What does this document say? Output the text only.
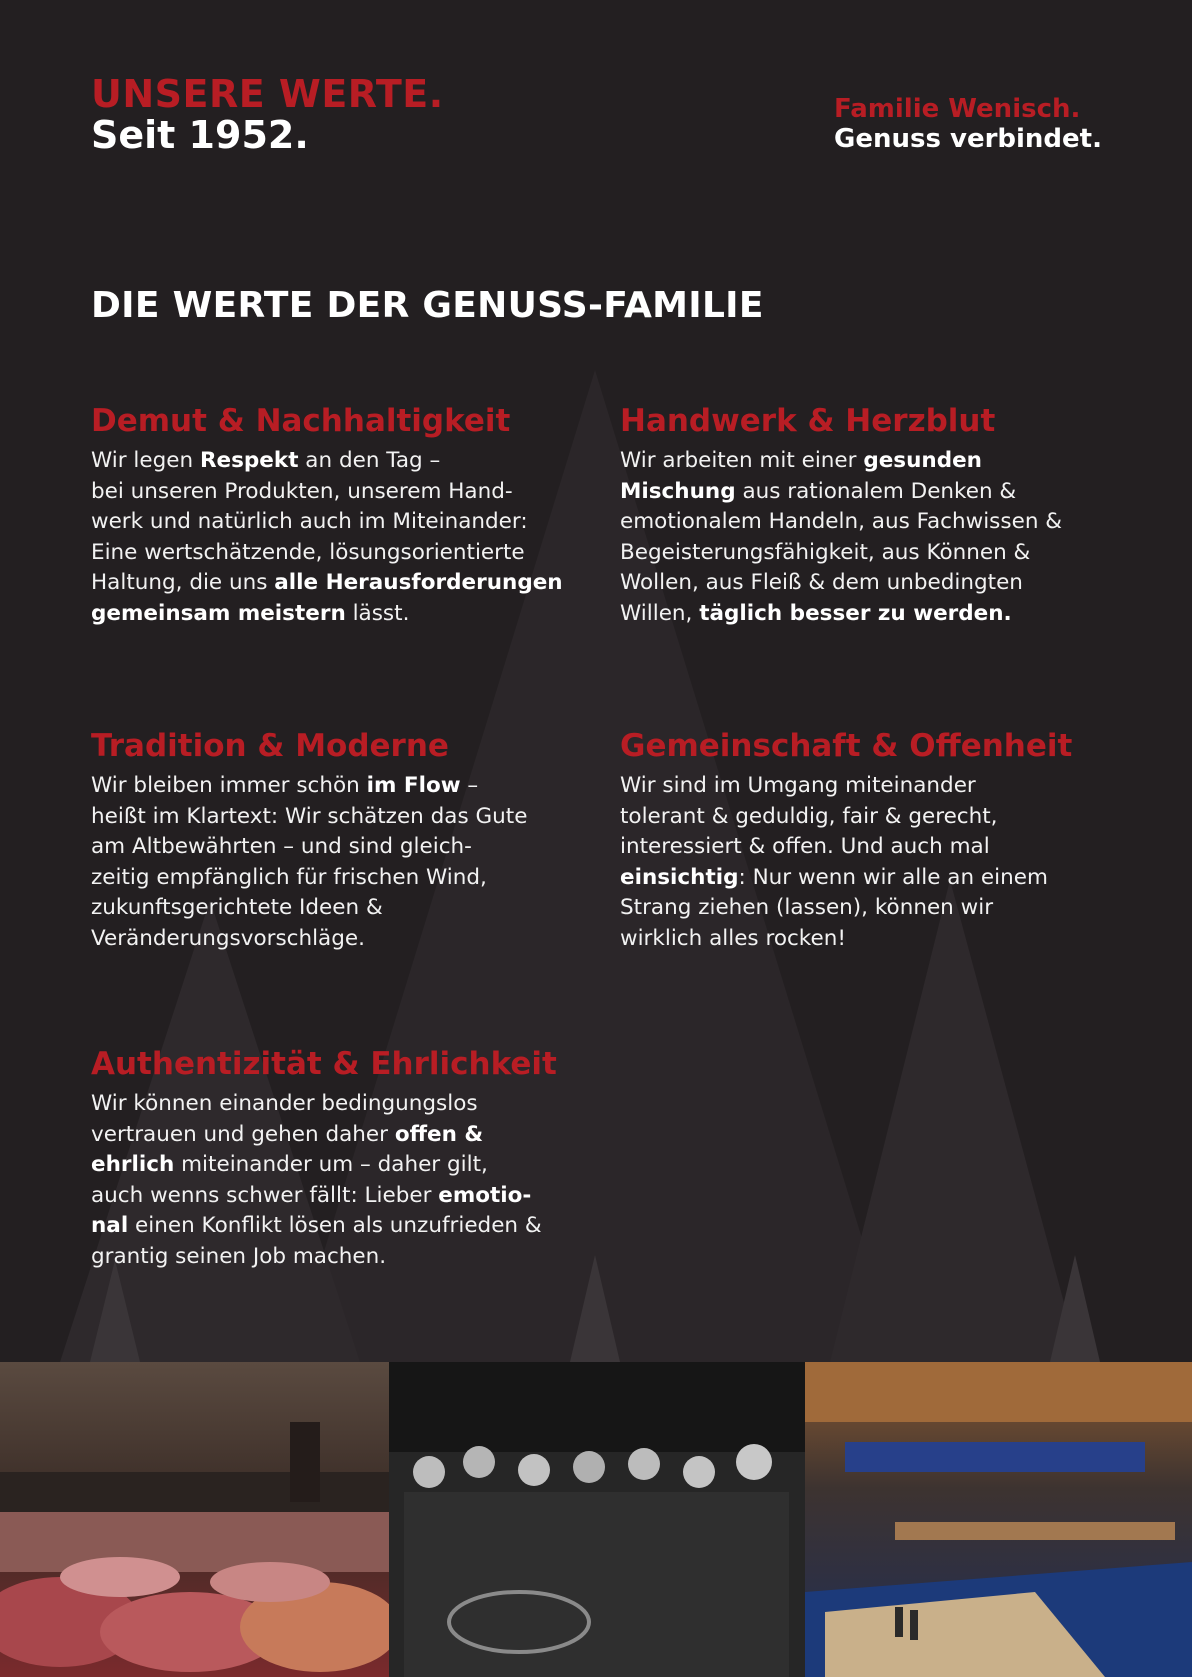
UNSERE WERTE.
Seit 1952.
Familie Wenisch.
Genuss verbindet.
DIE WERTE DER GENUSS-FAMILIE
Demut & Nachhaltigkeit

Wir legen Respekt an den Tag –
bei unseren Produkten, unserem Hand-
werk und natürlich auch im Miteinander:
Eine wertschätzende, lösungsorientierte
Haltung, die uns alle Herausforderungen
gemeinsam meistern lässt.

Handwerk & Herzblut

Wir arbeiten mit einer gesunden
Mischung aus rationalem Denken &
emotionalem Handeln, aus Fachwissen &
Begeisterungsfähigkeit, aus Können &
Wollen, aus Fleiß & dem unbedingten
Willen, täglich besser zu werden.

Tradition & Moderne

Wir bleiben immer schön im Flow –
heißt im Klartext: Wir schätzen das Gute
am Altbewährten – und sind gleich-
zeitig empfänglich für frischen Wind,
zukunftsgerichtete Ideen &
Veränderungsvorschläge.

Gemeinschaft & Offenheit

Wir sind im Umgang miteinander
tolerant & geduldig, fair & gerecht,
interessiert & offen. Und auch mal
einsichtig: Nur wenn wir alle an einem
Strang ziehen (lassen), können wir
wirklich alles rocken!

Authentizität & Ehrlichkeit

Wir können einander bedingungslos
vertrauen und gehen daher offen &
ehrlich miteinander um – daher gilt,
auch wenns schwer fällt: Lieber emotio-
nal einen Konflikt lösen als unzufrieden &
grantig seinen Job machen.
